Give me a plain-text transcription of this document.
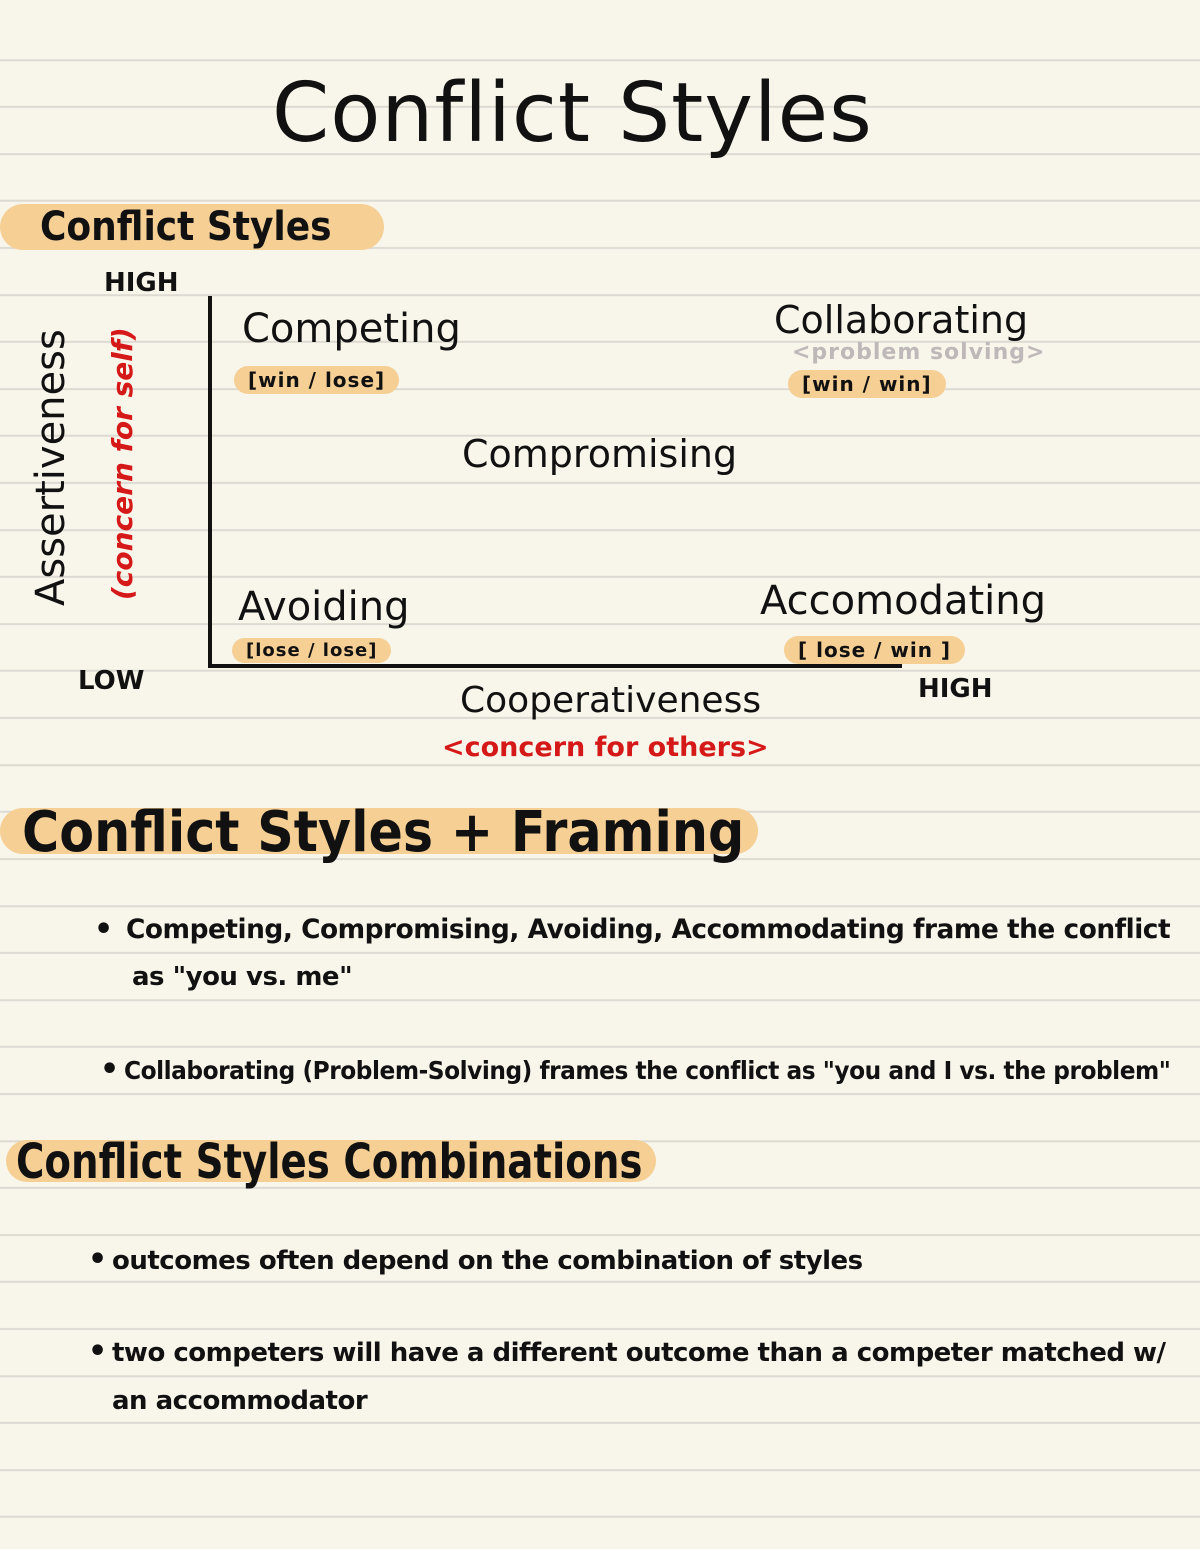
Conflict Styles
Conflict Styles
HIGH
LOW	HIGH
Assertiveness (concern for self)
Cooperativeness
<concern for others>
Competing
[win / lose]
Collaborating
<problem solving>
[win / win]
Compromising
Avoiding
[lose / lose]
Accomodating
[ lose / win ]
Conflict Styles + Framing
• Competing, Compromising, Avoiding, Accommodating frame the conflict
as "you vs. me"
• Collaborating (Problem-Solving) frames the conflict as "you and I vs. the problem"
Conflict Styles Combinations
• outcomes often depend on the combination of styles
• two competers will have a different outcome than a competer matched w/
an accommodator
